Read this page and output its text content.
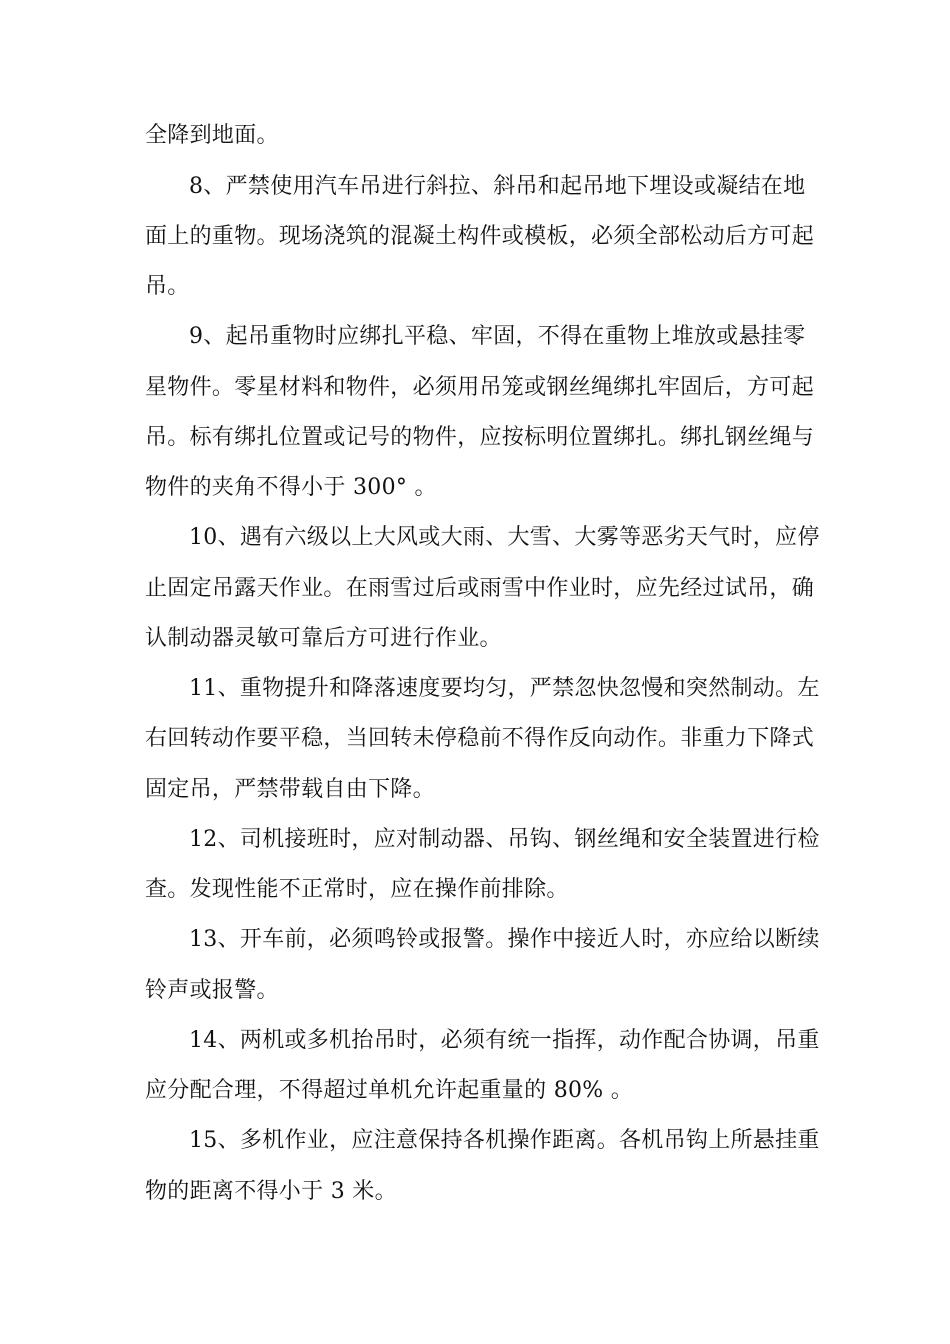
全降到地面。
8、严禁使用汽车吊进行斜拉、斜吊和起吊地下埋设或凝结在地
面上的重物。现场浇筑的混凝土构件或模板，必须全部松动后方可起
吊。
9、起吊重物时应绑扎平稳、牢固，不得在重物上堆放或悬挂零
星物件。零星材料和物件，必须用吊笼或钢丝绳绑扎牢固后，方可起
吊。标有绑扎位置或记号的物件，应按标明位置绑扎。绑扎钢丝绳与
物件的夹角不得小于 300° 。
10、遇有六级以上大风或大雨、大雪、大雾等恶劣天气时，应停
止固定吊露天作业。在雨雪过后或雨雪中作业时，应先经过试吊，确
认制动器灵敏可靠后方可进行作业。
11、重物提升和降落速度要均匀，严禁忽快忽慢和突然制动。左
右回转动作要平稳，当回转未停稳前不得作反向动作。非重力下降式
固定吊，严禁带载自由下降。
12、司机接班时，应对制动器、吊钩、钢丝绳和安全装置进行检
查。发现性能不正常时，应在操作前排除。
13、开车前，必须鸣铃或报警。操作中接近人时，亦应给以断续
铃声或报警。
14、两机或多机抬吊时，必须有统一指挥，动作配合协调，吊重
应分配合理，不得超过单机允许起重量的 80% 。
15、多机作业，应注意保持各机操作距离。各机吊钩上所悬挂重
物的距离不得小于 3 米。
